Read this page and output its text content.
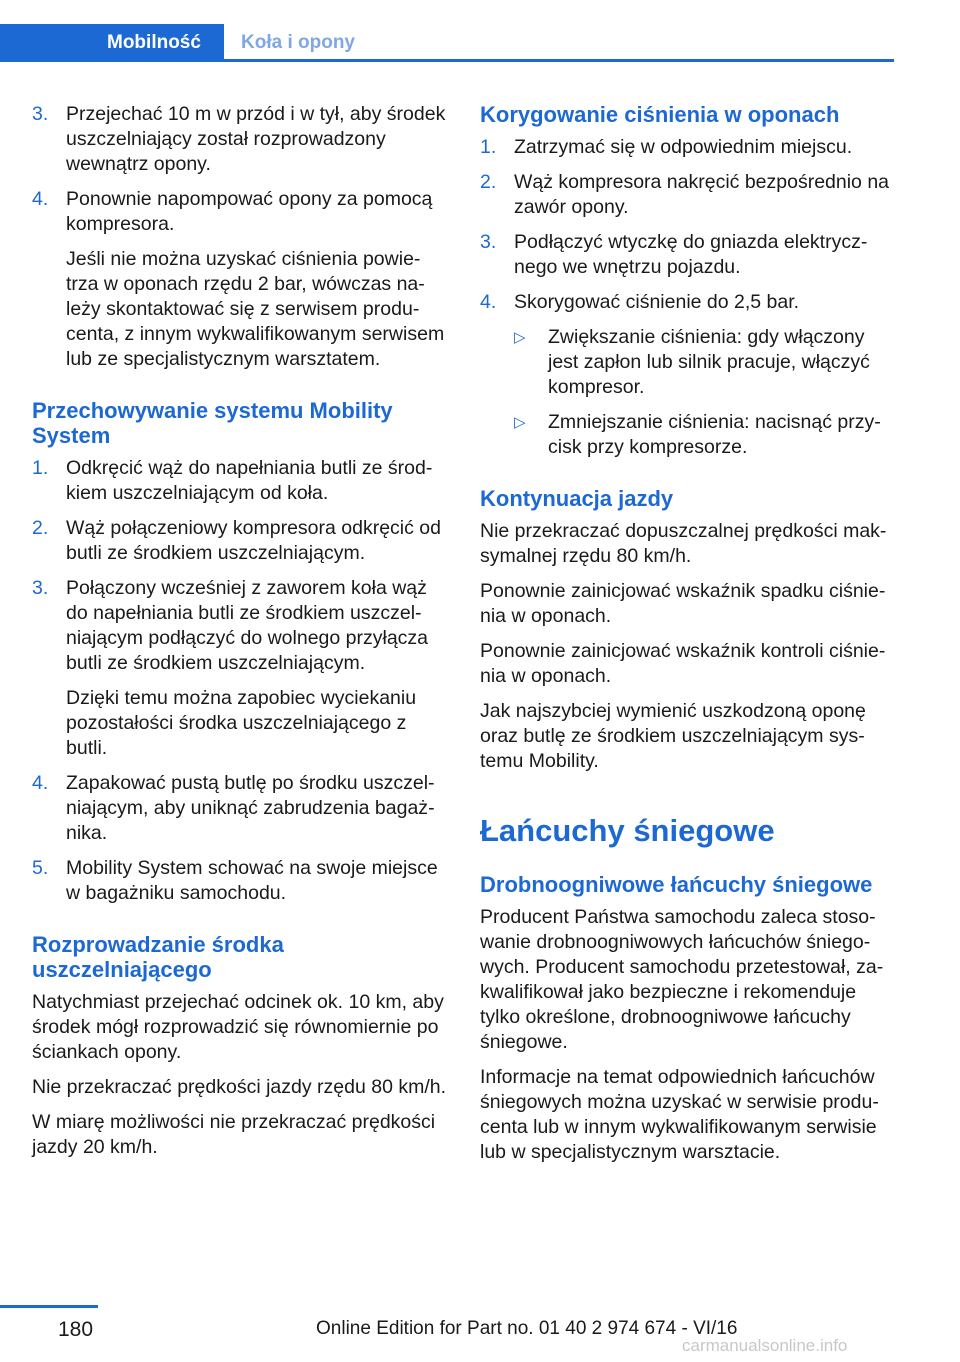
Mobilność	Koła i opony
3. Przejechać 10 m w przód i w tył, aby środek uszczelniający został rozprowadzony wewnątrz opony.
4. Ponownie napompować opony za pomocą kompresora.
Jeśli nie można uzyskać ciśnienia powietrza w oponach rzędu 2 bar, wówczas należy skontaktować się z serwisem producenta, z innym wykwalifikowanym serwisem lub ze specjalistycznym warsztatem.
Przechowywanie systemu Mobility System
1. Odkręcić wąż do napełniania butli ze środkiem uszczelniającym od koła.
2. Wąż połączeniowy kompresora odkręcić od butli ze środkiem uszczelniającym.
3. Połączony wcześniej z zaworem koła wąż do napełniania butli ze środkiem uszczelniającym podłączyć do wolnego przyłącza butli ze środkiem uszczelniającym.
Dzięki temu można zapobiec wyciekaniu pozostałości środka uszczelniającego z butli.
4. Zapakować pustą butlę po środku uszczelniającym, aby uniknąć zabrudzenia bagażnika.
5. Mobility System schować na swoje miejsce w bagażniku samochodu.
Rozprowadzanie środka uszczelniającego

Natychmiast przejechać odcinek ok. 10 km, aby środek mógł rozprowadzić się równomiernie po ściankach opony.

Nie przekraczać prędkości jazdy rzędu 80 km/h.

W miarę możliwości nie przekraczać prędkości jazdy 20 km/h.

Korygowanie ciśnienia w oponach
1. Zatrzymać się w odpowiednim miejscu.
2. Wąż kompresora nakręcić bezpośrednio na zawór opony.
3. Podłączyć wtyczkę do gniazda elektrycznego we wnętrzu pojazdu.
4. Skorygować ciśnienie do 2,5 bar.
▷ Zwiększanie ciśnienia: gdy włączony jest zapłon lub silnik pracuje, włączyć kompresor.
▷ Zmniejszanie ciśnienia: nacisnąć przycisk przy kompresorze.
Kontynuacja jazdy

Nie przekraczać dopuszczalnej prędkości maksymalnej rzędu 80 km/h.

Ponownie zainicjować wskaźnik spadku ciśnienia w oponach.

Ponownie zainicjować wskaźnik kontroli ciśnienia w oponach.

Jak najszybciej wymienić uszkodzoną oponę oraz butlę ze środkiem uszczelniającym systemu Mobility.

Łańcuchy śniegowe
Drobnoogniwowe łańcuchy śniegowe

Producent Państwa samochodu zaleca stosowanie drobnoogniwowych łańcuchów śniegowych. Producent samochodu przetestował, zakwalifikował jako bezpieczne i rekomenduje tylko określone, drobnoogniwowe łańcuchy śniegowe.

Informacje na temat odpowiednich łańcuchów śniegowych można uzyskać w serwisie producenta lub w innym wykwalifikowanym serwisie lub w specjalistycznym warsztacie.

180	Online Edition for Part no. 01 40 2 974 674 - VI/16
carmanualsonline.info
